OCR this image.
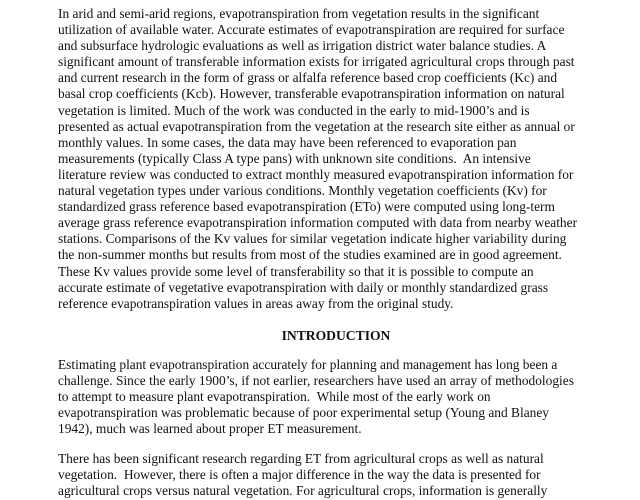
In arid and semi-arid regions, evapotranspiration from vegetation results in the significant
utilization of available water. Accurate estimates of evapotranspiration are required for surface
and subsurface hydrologic evaluations as well as irrigation district water balance studies. A
significant amount of transferable information exists for irrigated agricultural crops through past
and current research in the form of grass or alfalfa reference based crop coefficients (Kc) and
basal crop coefficients (Kcb). However, transferable evapotranspiration information on natural
vegetation is limited. Much of the work was conducted in the early to mid-1900’s and is
presented as actual evapotranspiration from the vegetation at the research site either as annual or
monthly values. In some cases, the data may have been referenced to evaporation pan
measurements (typically Class A type pans) with unknown site conditions.  An intensive
literature review was conducted to extract monthly measured evapotranspiration information for
natural vegetation types under various conditions. Monthly vegetation coefficients (Kv) for
standardized grass reference based evapotranspiration (ETo) were computed using long-term
average grass reference evapotranspiration information computed with data from nearby weather
stations. Comparisons of the Kv values for similar vegetation indicate higher variability during
the non-summer months but results from most of the studies examined are in good agreement.
These Kv values provide some level of transferability so that it is possible to compute an
accurate estimate of vegetative evapotranspiration with daily or monthly standardized grass
reference evapotranspiration values in areas away from the original study.
INTRODUCTION
Estimating plant evapotranspiration accurately for planning and management has long been a
challenge. Since the early 1900’s, if not earlier, researchers have used an array of methodologies
to attempt to measure plant evapotranspiration.  While most of the early work on
evapotranspiration was problematic because of poor experimental setup (Young and Blaney
1942), much was learned about proper ET measurement.
There has been significant research regarding ET from agricultural crops as well as natural
vegetation.  However, there is often a major difference in the way the data is presented for
agricultural crops versus natural vegetation. For agricultural crops, information is generally
